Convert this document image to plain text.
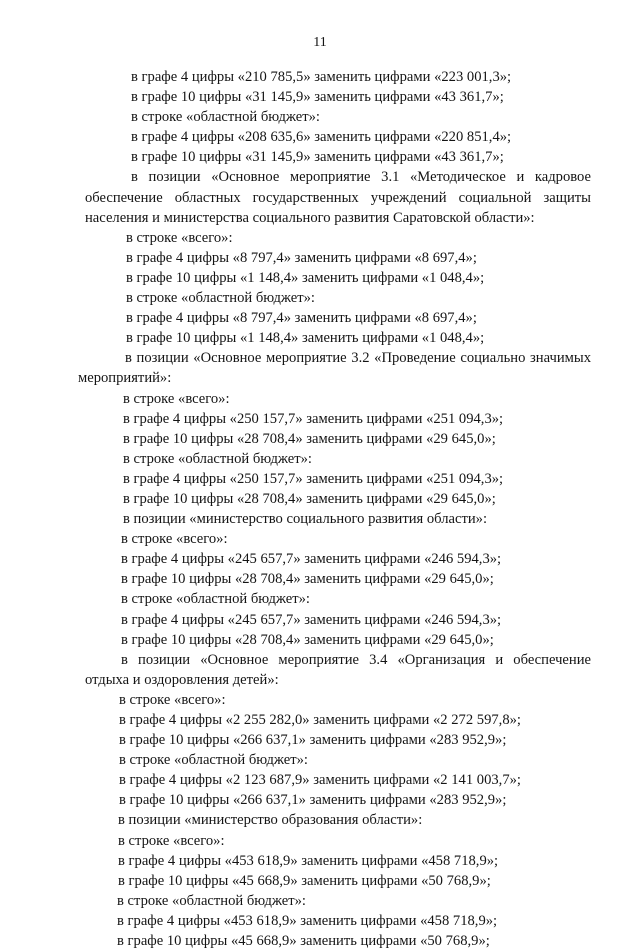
11
в графе 4 цифры «210 785,5» заменить цифрами «223 001,3»;
в графе 10 цифры «31 145,9» заменить цифрами «43 361,7»;
в строке «областной бюджет»:
в графе 4 цифры «208 635,6» заменить цифрами «220 851,4»;
в графе 10 цифры «31 145,9» заменить цифрами «43 361,7»;
в позиции «Основное мероприятие 3.1 «Методическое и кадровое
обеспечение областных государственных учреждений социальной защиты
населения и министерства социального развития Саратовской области»:
в строке «всего»:
в графе 4 цифры «8 797,4» заменить цифрами «8 697,4»;
в графе 10 цифры «1 148,4» заменить цифрами «1 048,4»;
в строке «областной бюджет»:
в графе 4 цифры «8 797,4» заменить цифрами «8 697,4»;
в графе 10 цифры «1 148,4» заменить цифрами «1 048,4»;
в позиции «Основное мероприятие 3.2 «Проведение социально значимых
мероприятий»:
в строке «всего»:
в графе 4 цифры «250 157,7» заменить цифрами «251 094,3»;
в графе 10 цифры «28 708,4» заменить цифрами «29 645,0»;
в строке «областной бюджет»:
в графе 4 цифры «250 157,7» заменить цифрами «251 094,3»;
в графе 10 цифры «28 708,4» заменить цифрами «29 645,0»;
в позиции «министерство социального развития области»:
в строке «всего»:
в графе 4 цифры «245 657,7» заменить цифрами «246 594,3»;
в графе 10 цифры «28 708,4» заменить цифрами «29 645,0»;
в строке «областной бюджет»:
в графе 4 цифры «245 657,7» заменить цифрами «246 594,3»;
в графе 10 цифры «28 708,4» заменить цифрами «29 645,0»;
в позиции «Основное мероприятие 3.4 «Организация и обеспечение
отдыха и оздоровления детей»:
в строке «всего»:
в графе 4 цифры «2 255 282,0» заменить цифрами «2 272 597,8»;
в графе 10 цифры «266 637,1» заменить цифрами «283 952,9»;
в строке «областной бюджет»:
в графе 4 цифры «2 123 687,9» заменить цифрами «2 141 003,7»;
в графе 10 цифры «266 637,1» заменить цифрами «283 952,9»;
в позиции «министерство образования области»:
в строке «всего»:
в графе 4 цифры «453 618,9» заменить цифрами «458 718,9»;
в графе 10 цифры «45 668,9» заменить цифрами «50 768,9»;
в строке «областной бюджет»:
в графе 4 цифры «453 618,9» заменить цифрами «458 718,9»;
в графе 10 цифры «45 668,9» заменить цифрами «50 768,9»;
